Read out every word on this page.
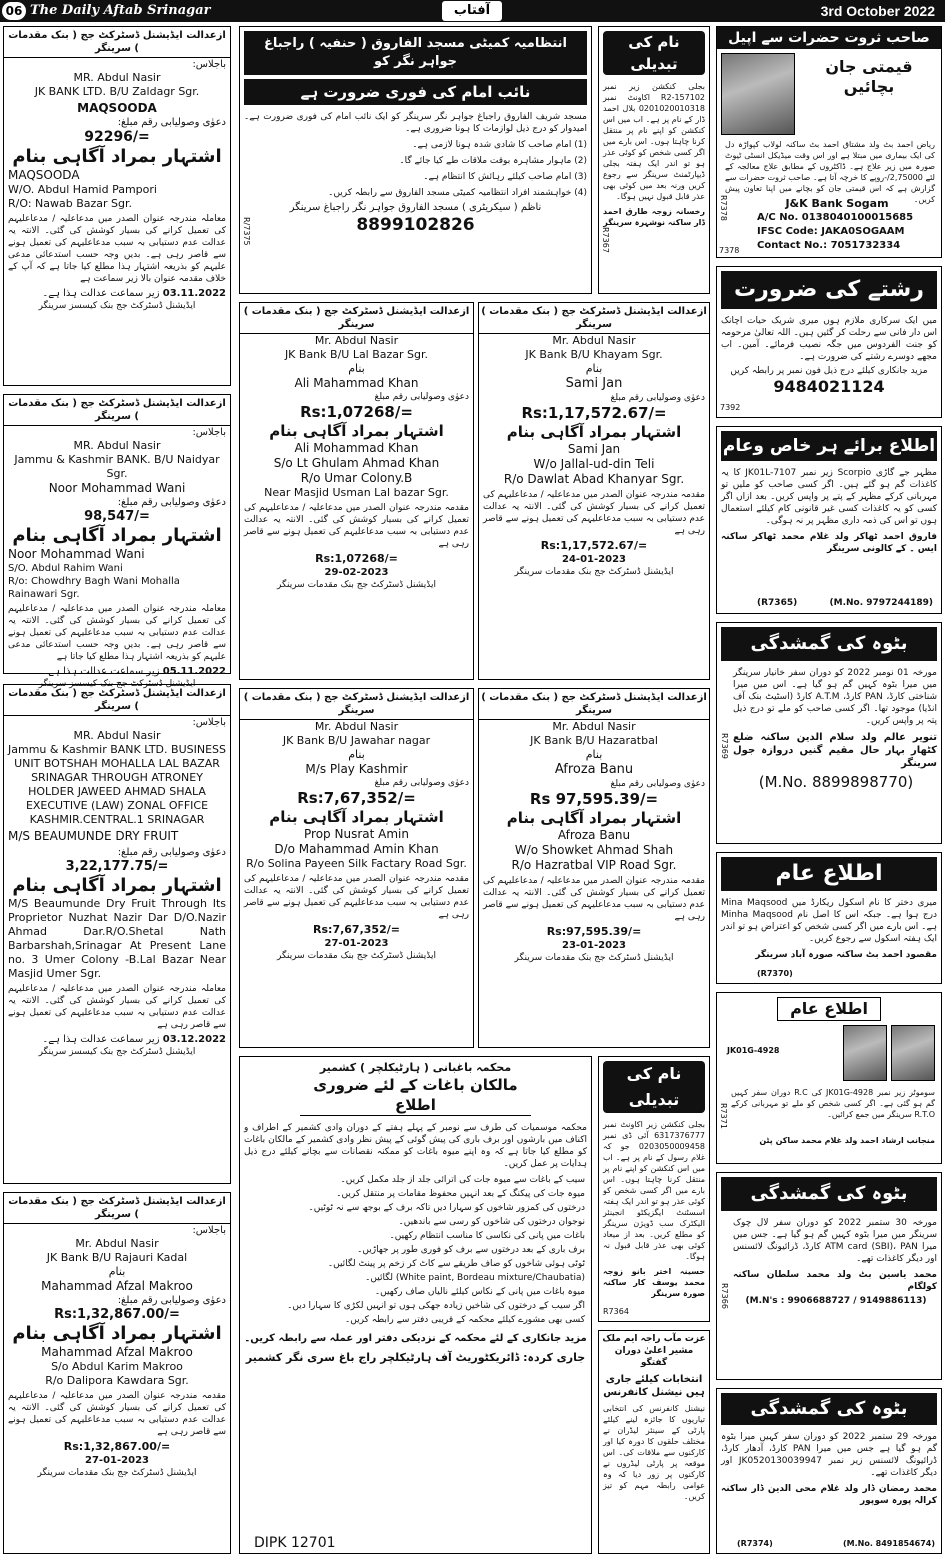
06 The Daily Aftab Srinagar	آفتاب	3rd October 2022
ازعدالت ایڈیشنل ڈسٹرکٹ جج ( بنک مقدمات ) سرینگر
باجلاس:
MR. Abdul Nasir
JK BANK LTD. B/U Zaldagr Sgr.
MAQSOODA
دعوٰی وصولیابی رقم مبلغ:
92296/=
اشتہار بمراد آگاہی بنام
MAQSOODA
W/O. Abdul Hamid Pampori
R/O: Nawab Bazar Sgr.
معاملہ مندرجہ عنوان الصدر میں مدعاعلیہ / مدعاعلیہم کی تعمیل کرانے کی بسیار کوشش کی گئی۔ الانتہ یہ عدالت عدم دستیابی بہ سبب مدعاعلیہم کی تعمیل ہونے سے قاصر رہی ہے۔ بدیں وجہ حسب استدعائی مدعی علیہم کو بذریعہ اشتہار ہذا مطلع کیا جاتا ہے کہ آپ کے خلاف مقدمہ عنوان بالا زیر سماعت ہے
03.11.2022 زیر سماعت عدالت ہذا ہے۔
ایڈیشنل ڈسٹرکٹ جج بنک کیسسز سرینگر
ازعدالت ایڈیشنل ڈسٹرکٹ جج ( بنک مقدمات ) سرینگر
باجلاس:
MR. Abdul Nasir
Jammu & Kashmir BANK. B/U Naidyar Sgr.
Noor Mohammad Wani
دعوٰی وصولیابی رقم مبلغ:
98,547/=
اشتہار بمراد آگاہی بنام
Noor Mohammad Wani
S/O. Abdul Rahim Wani
R/o: Chowdhry Bagh Wani Mohalla Rainawari Sgr.
معاملہ مندرجہ عنوان الصدر میں مدعاعلیہ / مدعاعلیہم کی تعمیل کرانے کی بسیار کوشش کی گئی۔ الانتہ یہ عدالت عدم دستیابی بہ سبب مدعاعلیہم کی تعمیل ہونے سے قاصر رہی ہے۔ بدیں وجہ حسب استدعائی مدعی علیہم کو بذریعہ اشتہار ہذا مطلع کیا جاتا ہے
05.11.2022 زیر سماعت عدالت ہذا ہے۔
ایڈیشنل ڈسٹرکٹ جج بنک کیسسز سرینگر
ازعدالت ایڈیشنل ڈسٹرکٹ جج ( بنک مقدمات ) سرینگر
باجلاس:
MR. Abdul Nasir
Jammu & Kashmir BANK LTD. BUSINESS UNIT BOTSHAH MOHALLA LAL BAZAR SRINAGAR THROUGH ATRONEY HOLDER JAWEED AHMAD SHALA EXECUTIVE (LAW) ZONAL OFFICE KASHMIR.CENTRAL.1 SRINAGAR
M/S BEAUMUNDE DRY FRUIT
دعوٰی وصولیابی رقم مبلغ:
3,22,177.75/=
اشتہار بمراد آگاہی بنام
M/S Beaumunde Dry Fruit Through Its Proprietor Nuzhat Nazir Dar D/O.Nazir Ahmad Dar.R/O.Shetal Nath Barbarshah,Srinagar At Present Lane no. 3 Umer Colony -B.Lal Bazar Near Masjid Umer Sgr.
معاملہ مندرجہ عنوان الصدر میں مدعاعلیہ / مدعاعلیہم کی تعمیل کرانے کی بسیار کوشش کی گئی۔ الانتہ یہ عدالت عدم دستیابی بہ سبب مدعاعلیہم کی تعمیل ہونے سے قاصر رہی ہے
03.12.2022 زیر سماعت عدالت ہذا ہے۔
ایڈیشنل ڈسٹرکٹ جج بنک کیسسز سرینگر
ازعدالت ایڈیشنل ڈسٹرکٹ جج ( بنک مقدمات ) سرینگر
باجلاس:
Mr. Abdul Nasir
JK Bank B/U Rajauri Kadal
بنام
Mahammad Afzal Makroo
دعوٰی وصولیابی رقم مبلغ:
Rs:1,32,867.00/=
اشتہار بمراد آگاہی بنام
Mahammad Afzal Makroo
S/o Abdul Karim Makroo
R/o Dalipora Kawdara Sgr.
مقدمہ مندرجہ عنوان الصدر میں مدعاعلیہ / مدعاعلیہم کی تعمیل کرانے کی بسیار کوشش کی گئی۔ الانتہ یہ عدالت عدم دستیابی بہ سبب مدعاعلیہم کی تعمیل ہونے سے قاصر رہی ہے
Rs:1,32,867.00/=
27-01-2023
ایڈیشنل ڈسٹرکٹ جج بنک مقدمات سرینگر
انتظامیہ کمیٹی مسجد الفاروق ( حنفیہ ) راجباغ جواہر نگر کو
نائب امام کی فوری ضرورت ہے
مسجد شریف الفاروق راجباغ جواہر نگر سرینگر کو ایک نائب امام کی فوری ضرورت ہے۔ امیدوار کو درج ذیل لوازمات کا ہونا ضروری ہے۔
(1) امام صاحب کا شادی شدہ ہونا لازمی ہے۔
(2) ماہوار مشاہرہ بوقت ملاقات طے کیا جائے گا۔
(3) امام صاحب کیلئے رہائش کا انتظام ہے۔
(4) خواہشمند افراد انتظامیہ کمیٹی مسجد الفاروق سے رابطہ کریں۔
ناظم ( سیکریٹری ) مسجد الفاروق جواہر نگر راجباغ سرینگر
8899102826
R/7375
نام کی تبدیلی
بجلی کنکشن زیر نمبر 157102-R2 اکاونٹ نمبر 0201020010318 بلال احمد ڈار کے نام پر ہے۔ اب میں اس کنکشن کو اپنے نام پر منتقل کرنا چاہتا ہوں۔ اس بارے میں اگر کسی شخص کو کوئی عذر ہو تو اندر ایک ہفتہ بجلی ڈیپارٹمنٹ سرینگر سے رجوع کریں ورنہ بعد میں کوئی بھی عذر قابل قبول نہیں ہوگا۔
رخسانہ زوجہ طارق احمد ڈار ساکنہ نوشہرہ سرینگر
R7367
صاحب ثروت حضرات سے اپیل
قیمتی جان بچائیں
ریاض احمد بٹ ولد مشتاق احمد بٹ ساکنہ لولاب کپواڑہ دل کی ایک بیماری میں مبتلا ہے اور اس وقت میڈیکل انسٹی ٹیوٹ صورہ میں زیر علاج ہے۔ ڈاکٹروں کے مطابق علاج معالجہ کے لئے 2,75000/-روپے کا خرچہ آتا ہے۔ صاحب ثروت حضرات سے گزارش ہے کہ اس قیمتی جان کو بچانے میں اپنا تعاون پیش کریں۔
J&K Bank Sogam
A/C No. 0138040100015685
IFSC Code: JAKA0SOGAAM
Contact No.: 7051732334
R7378
7378
رشتے کی ضرورت
میں ایک سرکاری ملازم ہوں میری شریک حیات اچانک اس دار فانی سے رحلت کر گئیں ہیں۔ اللہ تعالیٰ مرحومہ کو جنت الفردوس میں جگہ نصیب فرمائے۔ آمین۔ اب مجھے دوسرے رشتے کی ضرورت ہے۔
مزید جانکاری کیلئے درج ذیل فون نمبر پر رابطہ کریں
9484021124
7392
اطلاع برائے ہر خاص وعام
مظہر جے گاڑی Scorpio زیر نمبر JK01L-7107 کا یہ کاغذات گم ہو گئے ہیں۔ اگر کسی صاحب کو ملیں تو مہربانی کرکے مظہر کے پتے پر واپس کریں۔ بعد ازاں اگر کسی کو یہ کاغذات کسی غیر قانونی کام کیلئے استعمال ہوں تو اس کی ذمہ داری مظہر پر نہ ہوگی۔
فاروق احمد ٹھاکر ولد غلام محمد ٹھاکر ساکنہ ایس ۔ کے کالونی سرینگر
(R7365)	(M.No. 9797244189)
بٹوہ کی گمشدگی
مورخہ 01 نومبر 2022 کو دوران سفر خانیار سرینگر میں میرا بٹوہ کہیں گم ہو گیا ہے۔ اس میں میرا شناختی کارڈ، PAN کارڈ، A.T.M کارڈ (اسٹیٹ بنک آف انڈیا) موجود تھا۔ اگر کسی صاحب کو ملے تو درج ذیل پتہ پر واپس کریں۔
تنویر عالم ولد سلام الدین ساکنہ ضلع کٹھار بہار حال مقیم گنیں دروازہ جول سرینگر
(M.No. 8899898770)
R7369
اطلاع عام
میری دختر کا نام اسکول ریکارڈ میں Mina Maqsood درج ہوا ہے۔ جبکہ اس کا اصل نام Minha Maqsood ہے۔ اس بارے میں اگر کسی شخص کو اعتراض ہو تو اندر ایک ہفتہ اسکول سے رجوع کریں۔
مقصود احمد بٹ ساکنہ صورہ آباد سرینگر
(R7370)
اطلاع عام
JK01G-4928
سوموٹر زیر نمبر JK01G-4928 کی R.C دوران سفر کہیں گم ہو گئی ہے۔ اگر کسی شخص کو ملے تو مہربانی کرکے R.T.O سرینگر میں جمع کرائیں۔
منجانب ارشاد احمد ولد غلام محمد ساکن پٹن
R7371
بٹوہ کی گمشدگی
مورخہ 30 ستمبر 2022 کو دوران سفر لال چوک سرینگر میں میرا بٹوہ کہیں گم ہو گیا ہے۔ جس میں میرا ATM card (SBI)، PAN کارڈ، ڈرائیونگ لائسنس اور دیگر کاغذات تھے۔
محمد یاسین بٹ ولد محمد سلطان ساکنہ کولگام
(M.N's : 9906688727 / 9149886113)
R7366
بٹوہ کی گمشدگی
مورخہ 29 ستمبر 2022 کو دوران سفر کہیں میرا بٹوہ گم ہو گیا ہے جس میں میرا PAN کارڈ، آدھار کارڈ، ڈرائیونگ لائسنس زیر نمبر JK0520130039947 اور دیگر کاغذات تھے۔
محمد رمضان ڈار ولد غلام محی الدین ڈار ساکنہ کرالہ پورہ سوپور
(R7374)	(M.No. 8491854674)
ازعدالت ایڈیشنل ڈسٹرکٹ جج ( بنک مقدمات ) سرینگر
Mr. Abdul Nasir
JK Bank B/U Lal Bazar Sgr.
بنام
Ali Mahammad Khan
دعوٰی وصولیابی رقم مبلغ
Rs:1,07268/=
اشتہار بمراد آگاہی بنام
Ali Mohammad Khan
S/o Lt Ghulam Ahmad Khan
R/o Umar Colony.B
Near Masjid Usman Lal bazar Sgr.
مقدمہ مندرجہ عنوان الصدر میں مدعاعلیہ / مدعاعلیہم کی تعمیل کرانے کی بسیار کوشش کی گئی۔ الانتہ یہ عدالت عدم دستیابی بہ سبب مدعاعلیہم کی تعمیل ہونے سے قاصر رہی ہے
Rs:1,07268/=
29-02-2023
ایڈیشنل ڈسٹرکٹ جج بنک مقدمات سرینگر
ازعدالت ایڈیشنل ڈسٹرکٹ جج ( بنک مقدمات ) سرینگر
Mr. Abdul Nasir
JK Bank B/U Khayam Sgr.
بنام
Sami Jan
دعوٰی وصولیابی رقم مبلغ
Rs:1,17,572.67/=
اشتہار بمراد آگاہی بنام
Sami Jan
W/o Jallal-ud-din Teli
R/o Dawlat Abad Khanyar Sgr.
مقدمہ مندرجہ عنوان الصدر میں مدعاعلیہ / مدعاعلیہم کی تعمیل کرانے کی بسیار کوشش کی گئی۔ الانتہ یہ عدالت عدم دستیابی بہ سبب مدعاعلیہم کی تعمیل ہونے سے قاصر رہی ہے
Rs:1,17,572.67/=
24-01-2023
ایڈیشنل ڈسٹرکٹ جج بنک مقدمات سرینگر
ازعدالت ایڈیشنل ڈسٹرکٹ جج ( بنک مقدمات ) سرینگر
Mr. Abdul Nasir
JK Bank B/U Jawahar nagar
بنام
M/s Play Kashmir
دعوٰی وصولیابی رقم مبلغ
Rs:7,67,352/=
اشتہار بمراد آگاہی بنام
Prop Nusrat Amin
D/o Mahammad Amin Khan
R/o Solina Payeen Silk Factary Road Sgr.
مقدمہ مندرجہ عنوان الصدر میں مدعاعلیہ / مدعاعلیہم کی تعمیل کرانے کی بسیار کوشش کی گئی۔ الانتہ یہ عدالت عدم دستیابی بہ سبب مدعاعلیہم کی تعمیل ہونے سے قاصر رہی ہے
Rs:7,67,352/=
27-01-2023
ایڈیشنل ڈسٹرکٹ جج بنک مقدمات سرینگر
ازعدالت ایڈیشنل ڈسٹرکٹ جج ( بنک مقدمات ) سرینگر
Mr. Abdul Nasir
JK Bank B/U Hazaratbal
بنام
Afroza Banu
دعوٰی وصولیابی رقم مبلغ
Rs 97,595.39/=
اشتہار بمراد آگاہی بنام
Afroza Banu
W/o Showket Ahmad Shah
R/o Hazratbal VIP Road Sgr.
مقدمہ مندرجہ عنوان الصدر میں مدعاعلیہ / مدعاعلیہم کی تعمیل کرانے کی بسیار کوشش کی گئی۔ الانتہ یہ عدالت عدم دستیابی بہ سبب مدعاعلیہم کی تعمیل ہونے سے قاصر رہی ہے
Rs:97,595.39/=
23-01-2023
ایڈیشنل ڈسٹرکٹ جج بنک مقدمات سرینگر
محکمہ باغبانی ( ہارٹیکلچر ) کشمیر
مالکان باغات کے لئے ضروری اطلاع
محکمہ موسمیات کی طرف سے نومبر کے پہلے ہفتے کے دوران وادی کشمیر کے اطراف و اکناف میں بارشوں اور برف باری کی پیش گوئی کے پیش نظر وادی کشمیر کے مالکان باغات کو مطلع کیا جاتا ہے کہ وہ اپنے میوہ باغات کو ممکنہ نقصانات سے بچانے کیلئے درج ذیل ہدایات پر عمل کریں۔
سیب کے باغات سے میوہ جات کی اترائی جلد از جلد مکمل کریں۔
میوہ جات کی پیکنگ کے بعد انہیں محفوظ مقامات پر منتقل کریں۔
درختوں کی کمزور شاخوں کو سہارا دیں تاکہ برف کے بوجھ سے نہ ٹوٹیں۔
نوجوان درختوں کی شاخوں کو رسی سے باندھیں۔
باغات میں پانی کی نکاسی کا مناسب انتظام رکھیں۔
برف باری کے بعد درختوں سے برف کو فوری طور پر جھاڑیں۔
ٹوٹی ہوئی شاخوں کو صاف طریقے سے کاٹ کر زخم پر پینٹ لگائیں۔
(White paint, Bordeau mixture/Chaubatia) لگائیں۔
میوہ باغات میں پانی کے نکاس کیلئے نالیاں صاف رکھیں۔
اگر سیب کے درختوں کی شاخیں زیادہ جھکی ہوں تو انہیں لکڑی کا سہارا دیں۔
کسی بھی مشورے کیلئے محکمہ کے قریبی دفتر سے رابطہ کریں۔
مزید جانکاری کے لئے محکمہ کے نزدیکی دفتر اور عملہ سے رابطہ کریں۔
جاری کردہ: ڈائریکٹوریٹ آف ہارٹیکلچر راج باغ سری نگر کشمیر
DIPK 12701
نام کی تبدیلی
بجلی کنکشن زیر اکاونٹ نمبر 6317376777 آئی ڈی نمبر 0203050009458 جو کہ غلام رسول کے نام پر ہے۔ اب میں اس کنکشن کو اپنے نام پر منتقل کرنا چاہتا ہوں۔ اس بارے میں اگر کسی شخص کو کوئی عذر ہو تو اندر ایک ہفتہ اسسٹنٹ ایگزیکٹو انجینئر الیکٹرک سب ڈویژن سرینگر کو مطلع کریں۔ بعد از میعاد کوئی بھی عذر قابل قبول نہ ہوگا۔
حسینہ اختر بانو زوجہ محمد یوسف کار ساکنہ صورہ سرینگر
R7364
عزت مآب راجہ ایم ملک مشیر اعلیٰ دوران گفتگو
انتخابات کیلئے جاری ہیں نیشنل کانفرنس
نیشنل کانفرنس کی انتخابی تیاریوں کا جائزہ لینے کیلئے پارٹی کے سینئر لیڈران نے مختلف حلقوں کا دورہ کیا اور کارکنوں سے ملاقات کی۔ اس موقعہ پر پارٹی لیڈروں نے کارکنوں پر زور دیا کہ وہ عوامی رابطہ مہم کو تیز کریں۔
